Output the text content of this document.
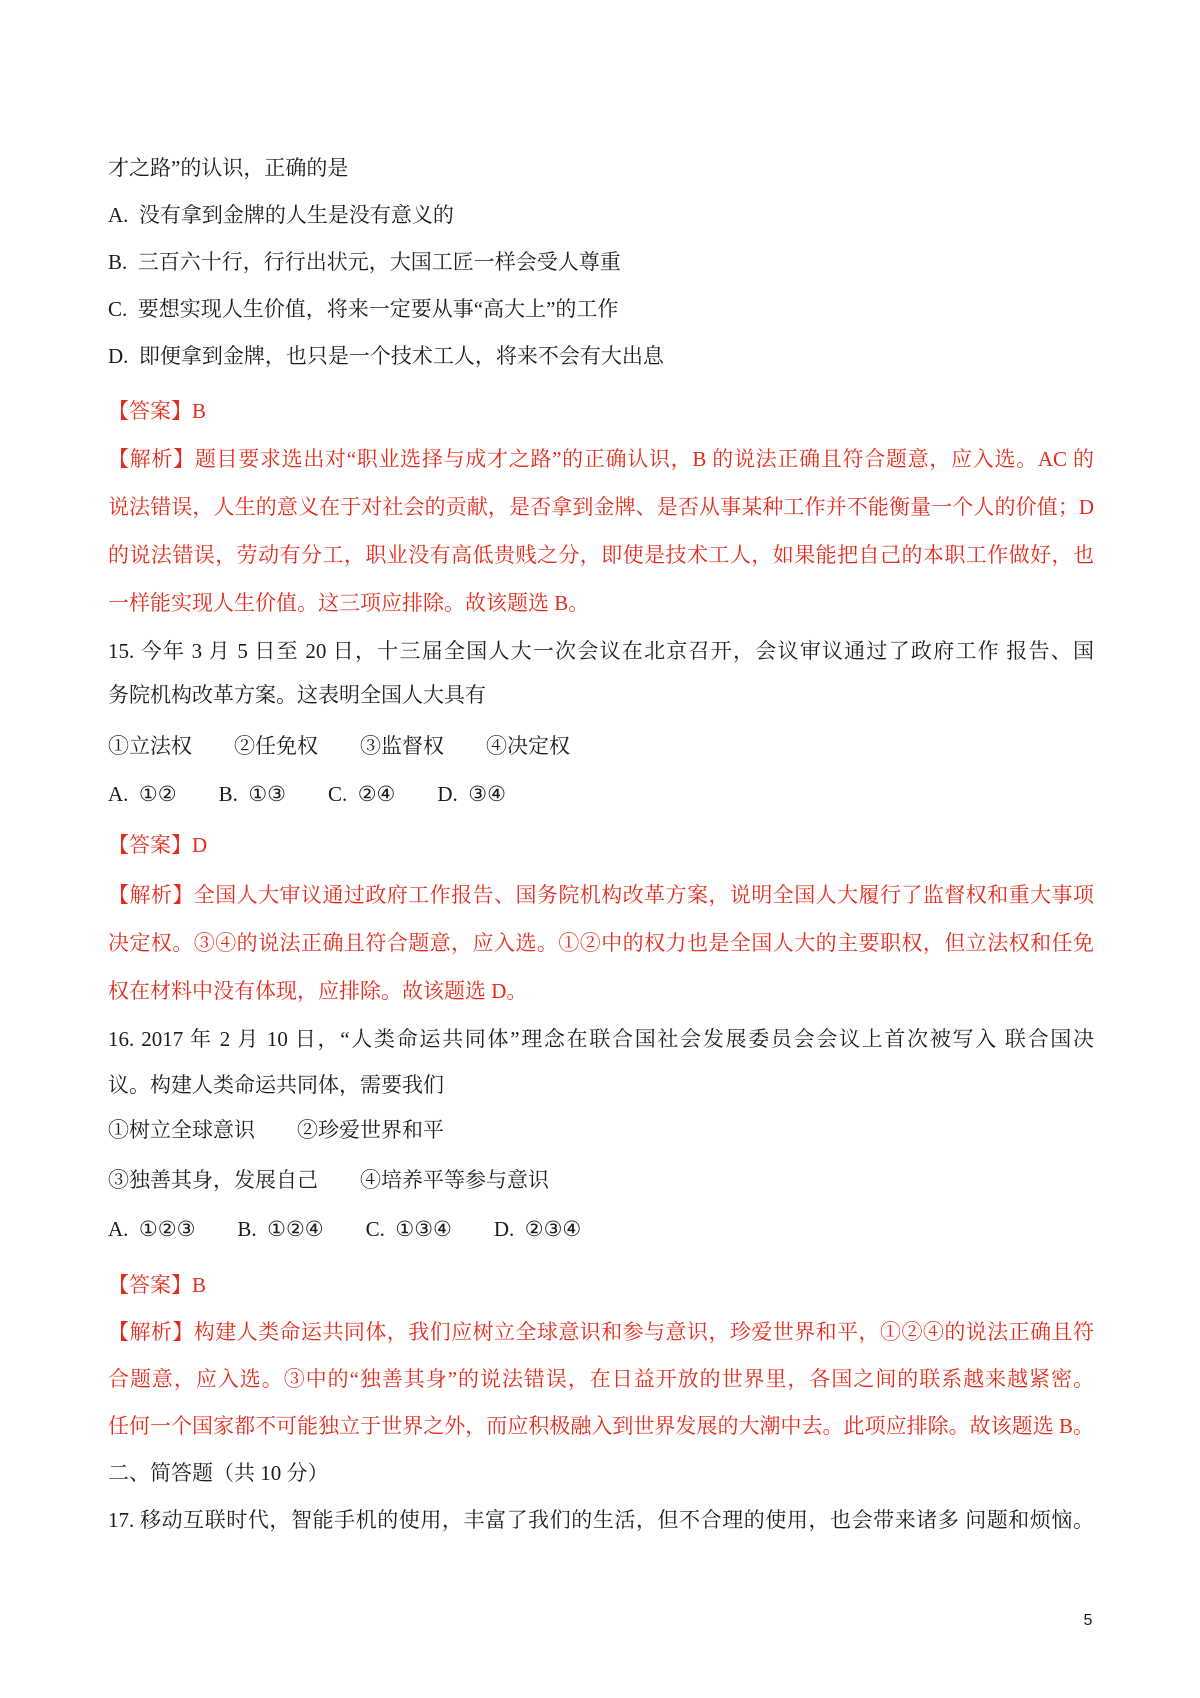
才之路”的认识，正确的是
A.  没有拿到金牌的人生是没有意义的
B.  三百六十行，行行出状元，大国工匠一样会受人尊重
C.  要想实现人生价值，将来一定要从事“高大上”的工作
D.  即便拿到金牌，也只是一个技术工人，将来不会有大出息
【答案】B
【解析】题目要求选出对“职业选择与成才之路”的正确认识，B 的说法正确且符合题意，应入选。AC 的
说法错误，人生的意义在于对社会的贡献，是否拿到金牌、是否从事某种工作并不能衡量一个人的价值；D
的说法错误，劳动有分工，职业没有高低贵贱之分，即使是技术工人，如果能把自己的本职工作做好，也
一样能实现人生价值。这三项应排除。故该题选 B。
15. 今年 3 月 5 日至 20 日，十三届全国人大一次会议在北京召开，会议审议通过了政府工作 报告、国
务院机构改革方案。这表明全国人大具有
①立法权　　②任免权　　③监督权　　④决定权
A.  ①②　　B.  ①③　　C.  ②④　　D.  ③④
【答案】D
【解析】全国人大审议通过政府工作报告、国务院机构改革方案，说明全国人大履行了监督权和重大事项
决定权。③④的说法正确且符合题意，应入选。①②中的权力也是全国人大的主要职权，但立法权和任免
权在材料中没有体现，应排除。故该题选 D。
16. 2017 年 2 月 10 日，“人类命运共同体”理念在联合国社会发展委员会会议上首次被写入 联合国决
议。构建人类命运共同体，需要我们
①树立全球意识　　②珍爱世界和平
③独善其身，发展自己　　④培养平等参与意识
A.  ①②③　　B.  ①②④　　C.  ①③④　　D.  ②③④
【答案】B
【解析】构建人类命运共同体，我们应树立全球意识和参与意识，珍爱世界和平，①②④的说法正确且符
合题意，应入选。③中的“独善其身”的说法错误，在日益开放的世界里，各国之间的联系越来越紧密。
任何一个国家都不可能独立于世界之外，而应积极融入到世界发展的大潮中去。此项应排除。故该题选 B。
二、简答题（共 10 分）
17. 移动互联时代，智能手机的使用，丰富了我们的生活，但不合理的使用，也会带来诸多 问题和烦恼。
5
